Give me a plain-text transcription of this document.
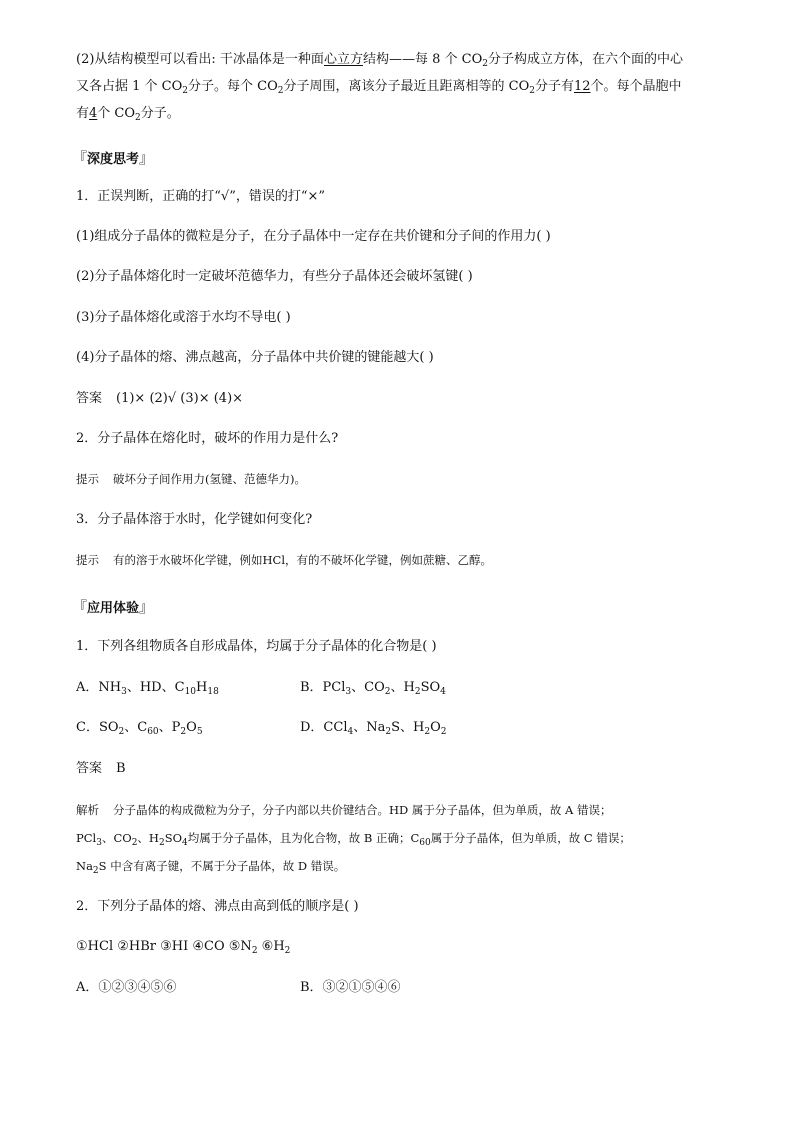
(2)从结构模型可以看出: 干冰晶体是一种面心立方结构——每 8 个 $CO_2$分子构成立方体，在六个面的中心
又各占据 1 个 $CO_2$分子。每个 $CO_2$分子周围，离该分子最近且距离相等的 $CO_2$分子有12个。每个晶胞中
有4个 $CO_2$分子。
『深度思考』
1．正误判断，正确的打“√”，错误的打“×”
(1)组成分子晶体的微粒是分子，在分子晶体中一定存在共价键和分子间的作用力( )
(2)分子晶体熔化时一定破坏范德华力，有些分子晶体还会破坏氢键( )
(3)分子晶体熔化或溶于水均不导电( )
(4)分子晶体的熔、沸点越高，分子晶体中共价键的键能越大( )
答案 (1)× (2)√ (3)× (4)×
2．分子晶体在熔化时，破坏的作用力是什么?
提示 破坏分子间作用力(氢键、范德华力)。
3．分子晶体溶于水时，化学键如何变化?
提示 有的溶于水破坏化学键，例如HCl，有的不破坏化学键，例如蔗糖、乙醇。
『应用体验』
1．下列各组物质各自形成晶体，均属于分子晶体的化合物是( )
A．$NH_3$、HD、$C_{10}H_{18}$	B．PCl$_3$、$CO_2$、$H_2SO_4$
C．$SO_2$、$C_{60}$、$P_2O_5$	D．CCl$_4$、$Na_2S$、$H_2O_2$
答案 B
解析 分子晶体的构成微粒为分子，分子内部以共价键结合。HD 属于分子晶体，但为单质，故 A 错误；
PCl$_3$、$CO_2$、$H_2SO_4$均属于分子晶体，且为化合物，故 B 正确；$C_{60}$属于分子晶体，但为单质，故 C 错误；
$Na_2S$ 中含有离子键，不属于分子晶体，故 D 错误。
2．下列分子晶体的熔、沸点由高到低的顺序是( )
①HCl ②HBr ③HI ④CO $⑤N_2$ $⑥H_2$
A．①②③④⑤⑥	B．③②①⑤④⑥
